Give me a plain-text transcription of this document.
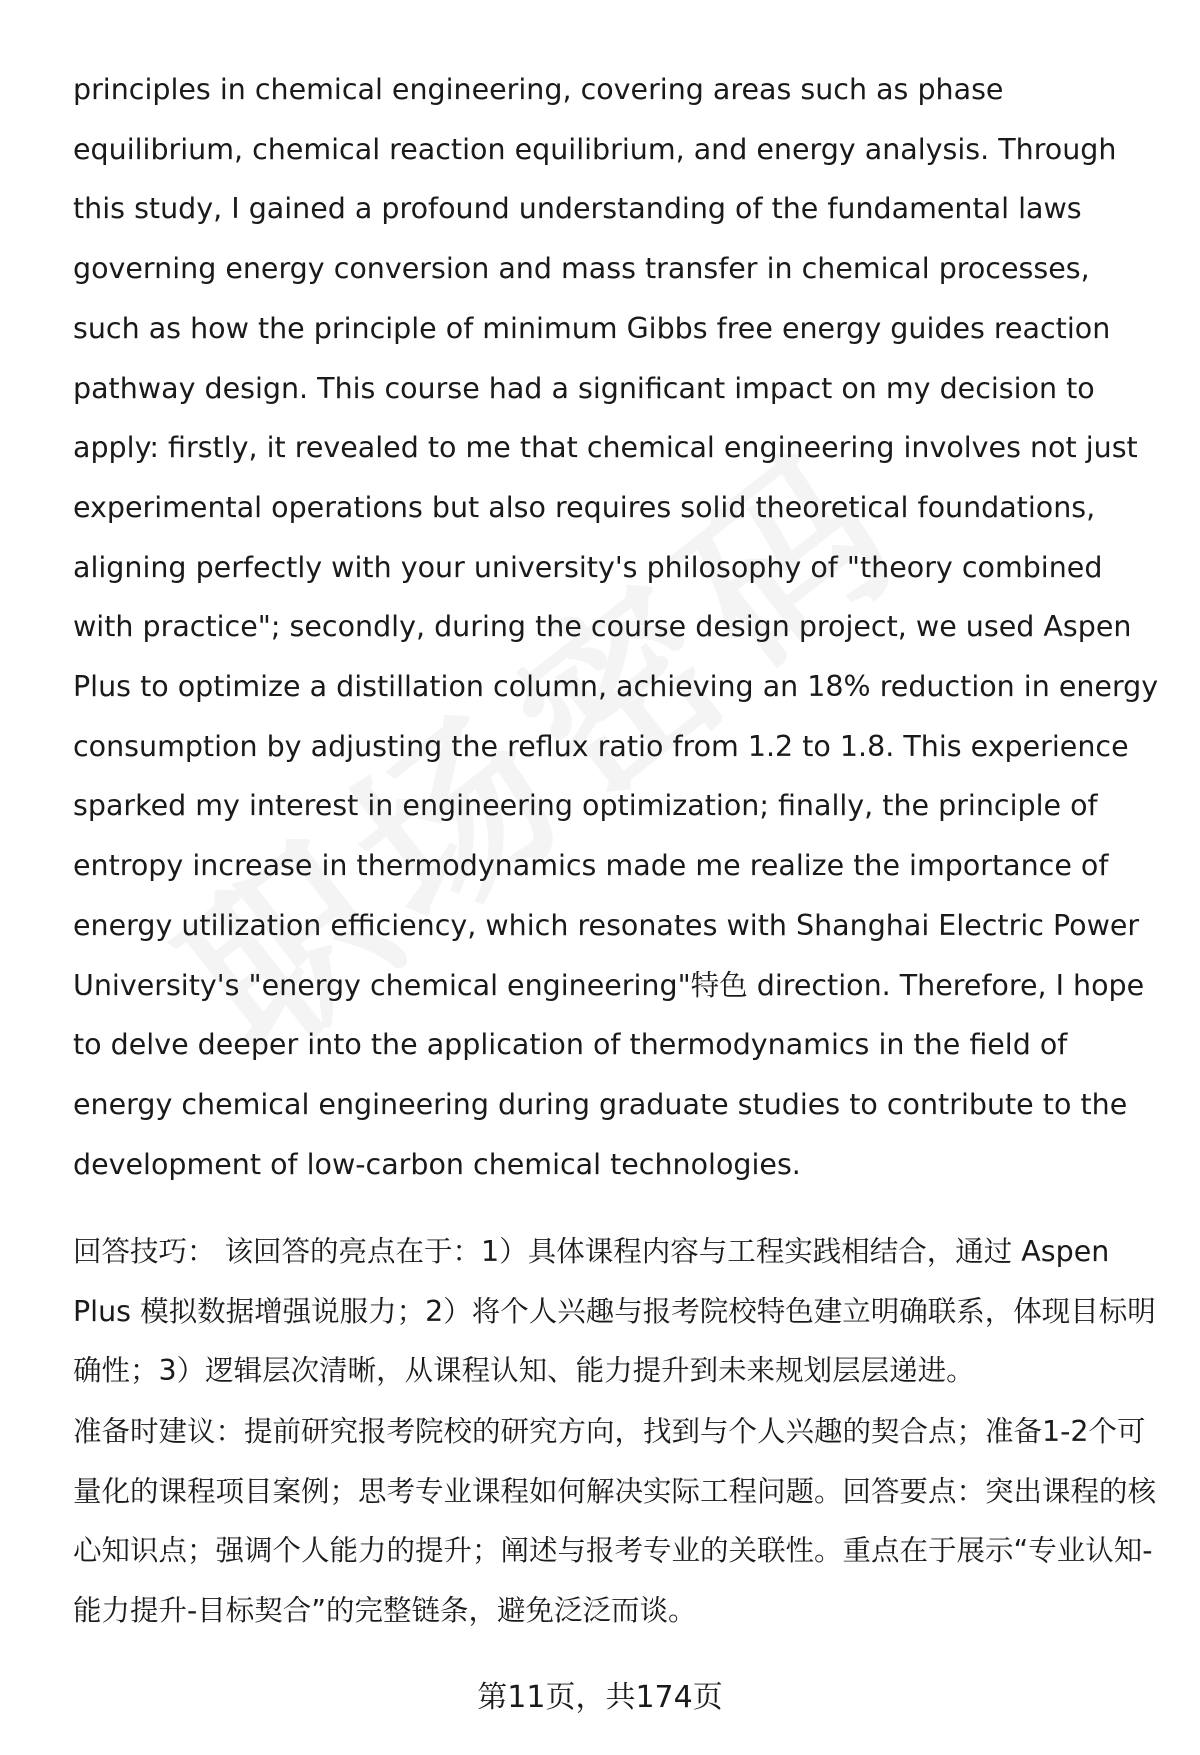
principles in chemical engineering, covering areas such as phase equilibrium, chemical reaction equilibrium, and energy analysis. Through this study, I gained a profound understanding of the fundamental laws governing energy conversion and mass transfer in chemical processes, such as how the principle of minimum Gibbs free energy guides reaction pathway design. This course had a significant impact on my decision to apply: firstly, it revealed to me that chemical engineering involves not just experimental operations but also requires solid theoretical foundations, aligning perfectly with your university's philosophy of "theory combined with practice"; secondly, during the course design project, we used Aspen Plus to optimize a distillation column, achieving an 18% reduction in energy consumption by adjusting the reflux ratio from 1.2 to 1.8. This experience sparked my interest in engineering optimization; finally, the principle of entropy increase in thermodynamics made me realize the importance of energy utilization efficiency, which resonates with Shanghai Electric Power University's "energy chemical engineering"特色 direction. Therefore, I hope to delve deeper into the application of thermodynamics in the field of energy chemical engineering during graduate studies to contribute to the development of low-carbon chemical technologies.

回答技巧： 该回答的亮点在于：1）具体课程内容与工程实践相结合，通过 Aspen Plus 模拟数据增强说服力；2）将个人兴趣与报考院校特色建立明确联系，体现目标明确性；3）逻辑层次清晰，从课程认知、能力提升到未来规划层层递进。

准备时建议：提前研究报考院校的研究方向，找到与个人兴趣的契合点；准备1-2个可量化的课程项目案例；思考专业课程如何解决实际工程问题。回答要点：突出课程的核心知识点；强调个人能力的提升；阐述与报考专业的关联性。重点在于展示“专业认知-能力提升-目标契合”的完整链条，避免泛泛而谈。

第11页，共174页
